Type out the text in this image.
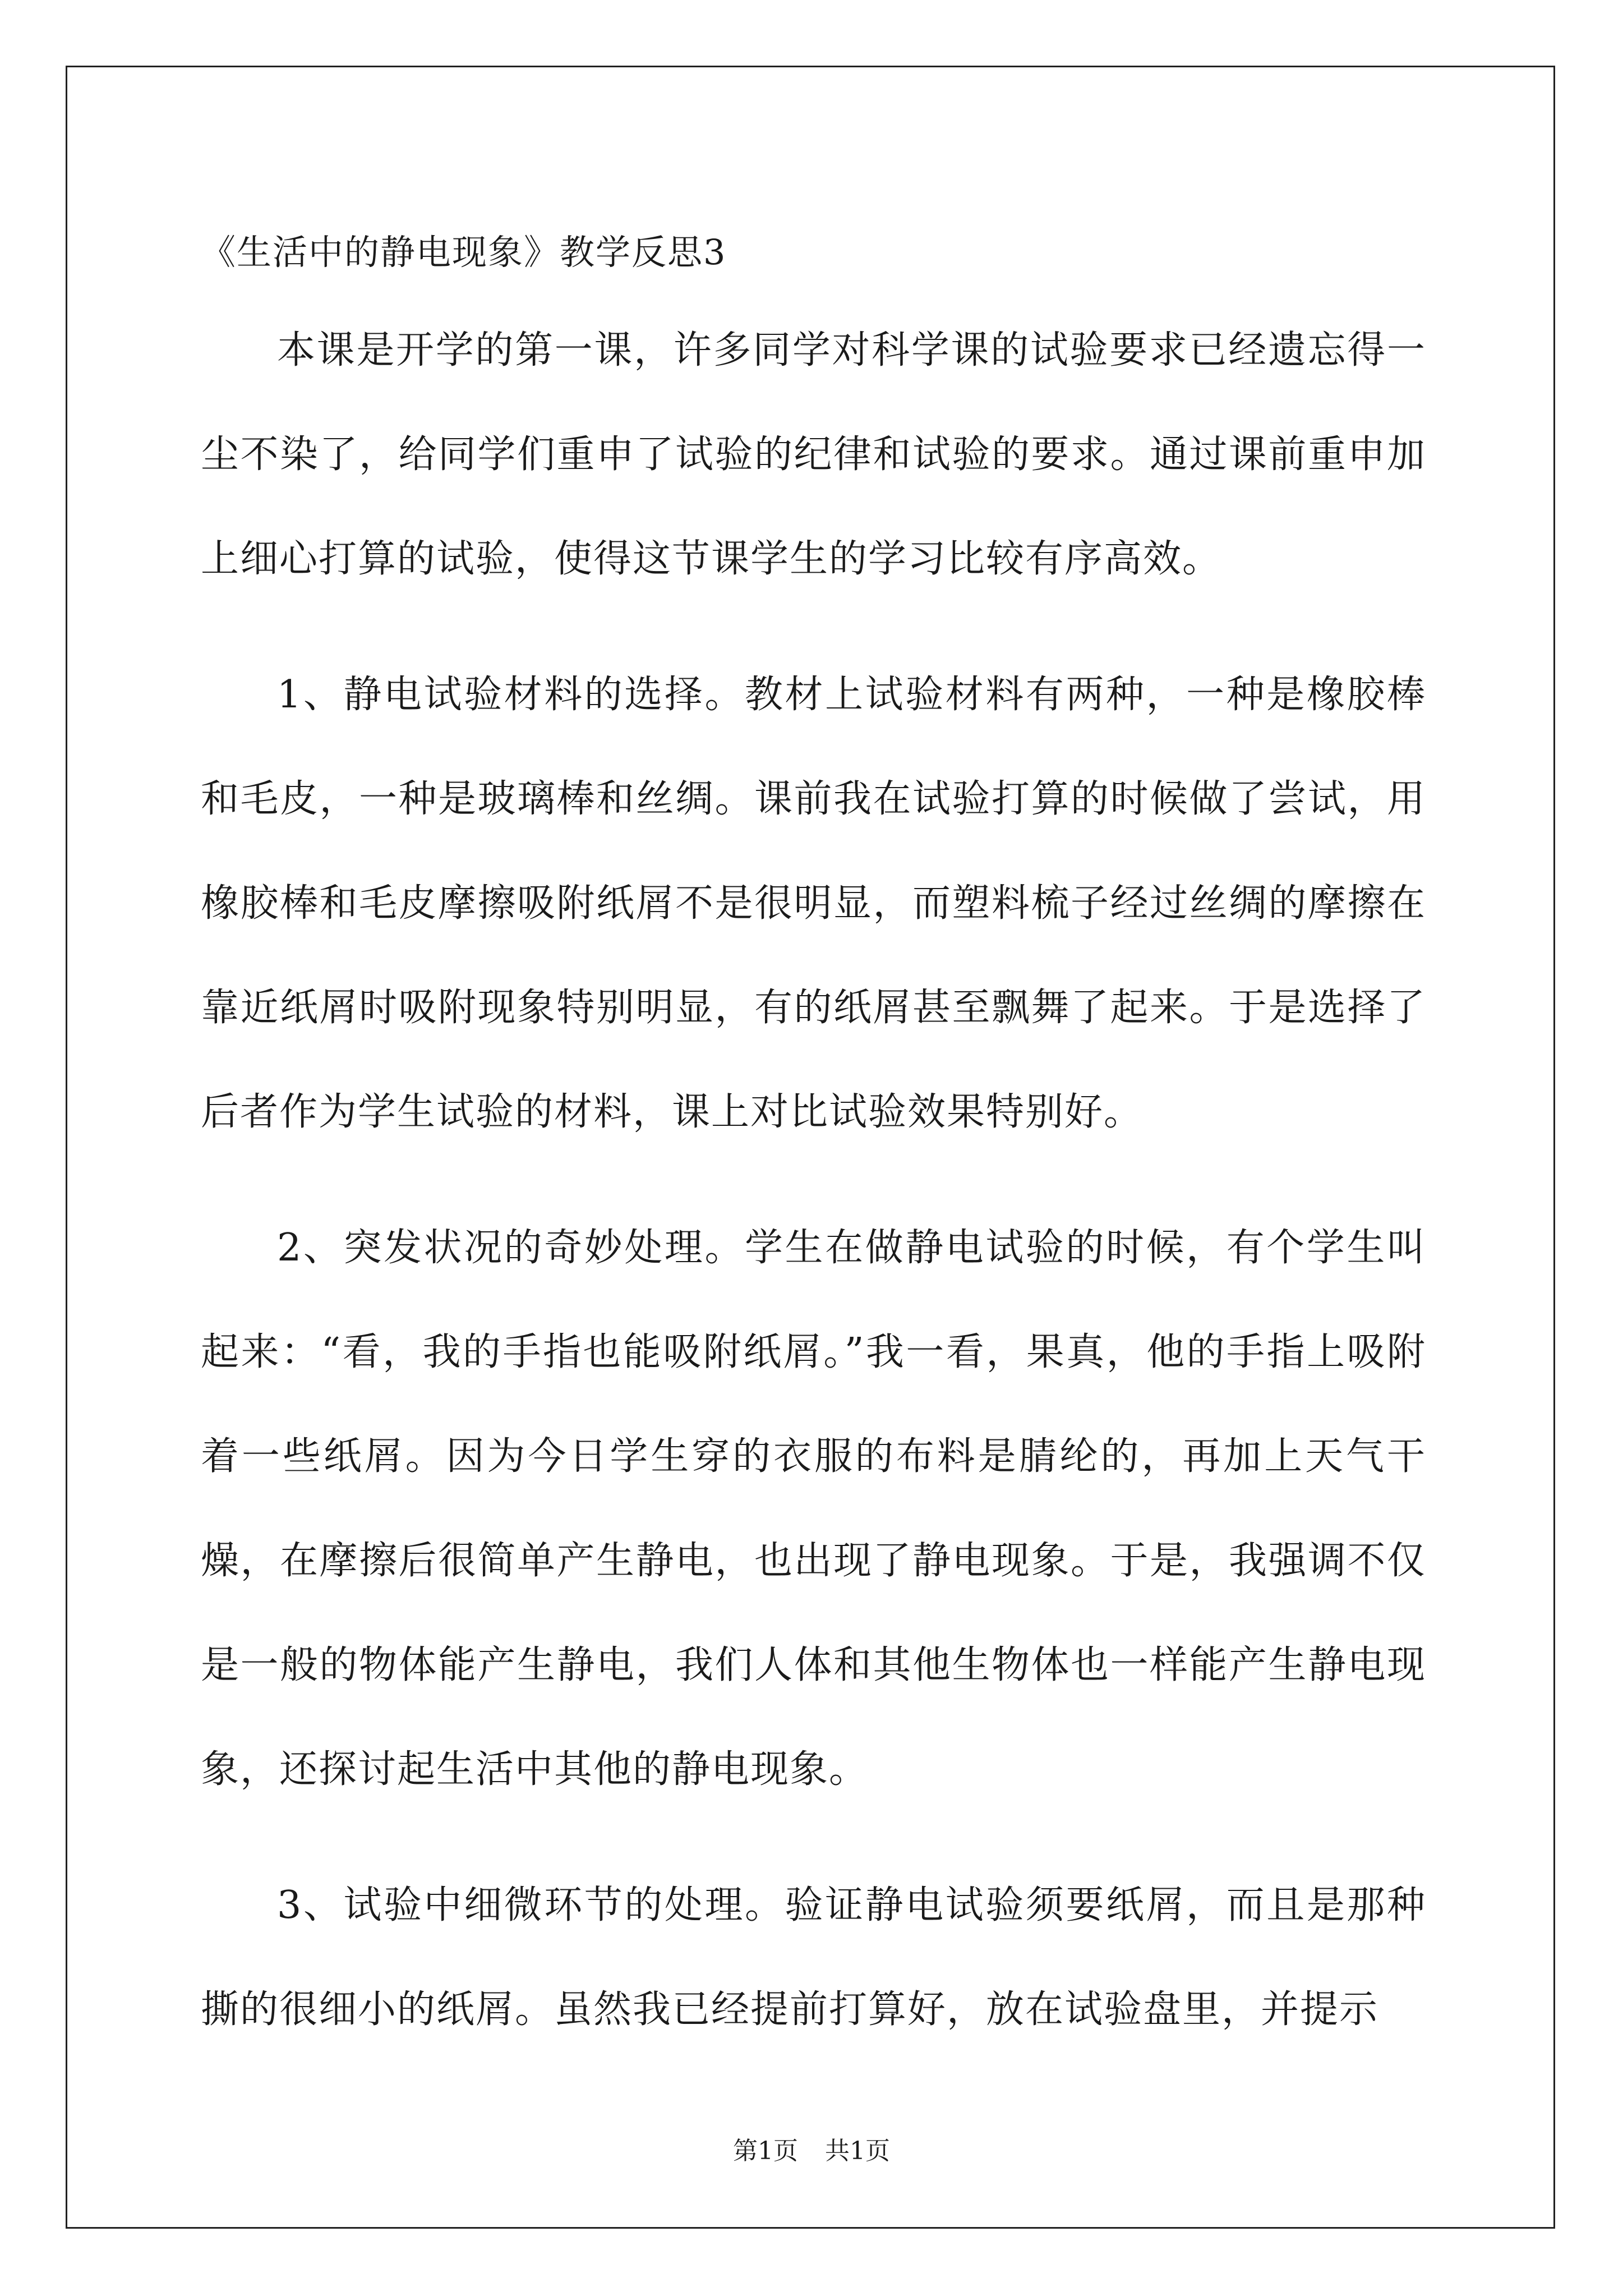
《生活中的静电现象》教学反思3

本课是开学的第一课，许多同学对科学课的试验要求已经遗忘得一尘不染了，给同学们重申了试验的纪律和试验的要求。通过课前重申加上细心打算的试验，使得这节课学生的学习比较有序高效。

1、静电试验材料的选择。教材上试验材料有两种，一种是橡胶棒和毛皮，一种是玻璃棒和丝绸。课前我在试验打算的时候做了尝试，用橡胶棒和毛皮摩擦吸附纸屑不是很明显，而塑料梳子经过丝绸的摩擦在靠近纸屑时吸附现象特别明显，有的纸屑甚至飘舞了起来。于是选择了后者作为学生试验的材料，课上对比试验效果特别好。

2、突发状况的奇妙处理。学生在做静电试验的时候，有个学生叫起来：“看，我的手指也能吸附纸屑。”我一看，果真，他的手指上吸附着一些纸屑。因为今日学生穿的衣服的布料是腈纶的，再加上天气干燥，在摩擦后很简单产生静电，也出现了静电现象。于是，我强调不仅是一般的物体能产生静电，我们人体和其他生物体也一样能产生静电现象，还探讨起生活中其他的静电现象。

3、试验中细微环节的处理。验证静电试验须要纸屑，而且是那种撕的很细小的纸屑。虽然我已经提前打算好，放在试验盘里，并提示

第1页 共1页
